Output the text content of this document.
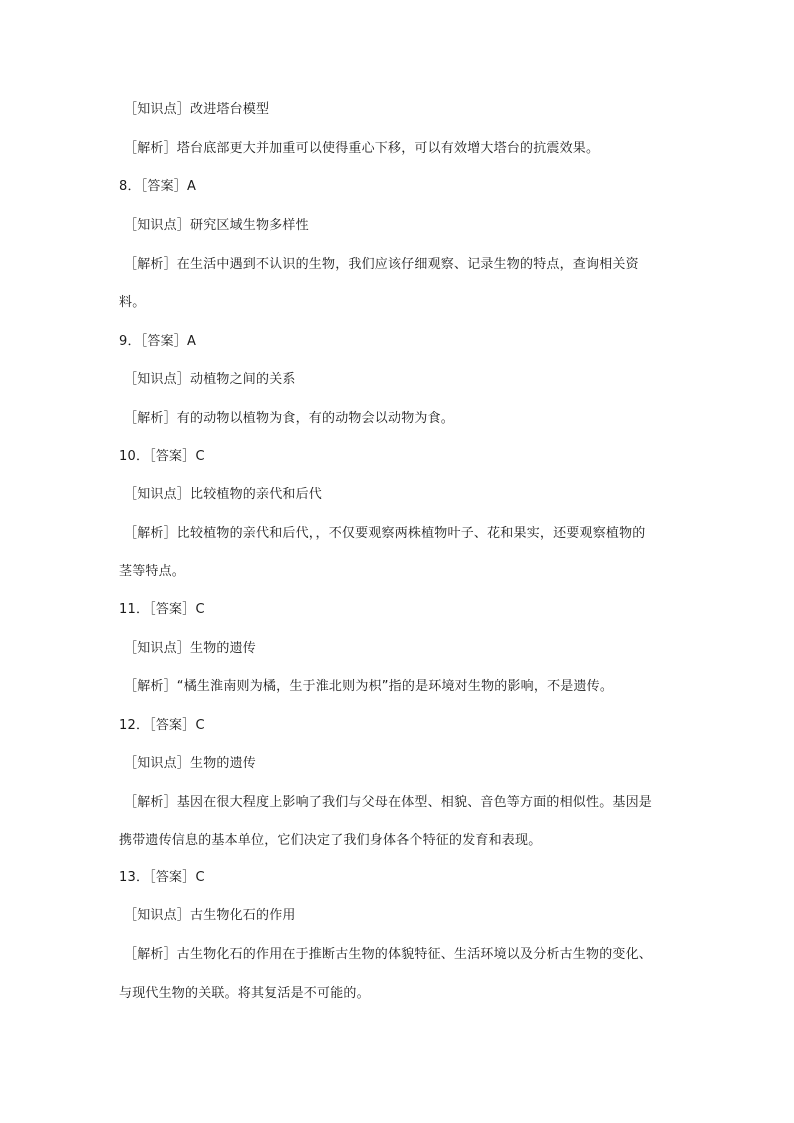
［知识点］改进塔台模型
［解析］塔台底部更大并加重可以使得重心下移，可以有效增大塔台的抗震效果。
8．［答案］A
［知识点］研究区域生物多样性
［解析］在生活中遇到不认识的生物，我们应该仔细观察、记录生物的特点，查询相关资
料。
9．［答案］A
［知识点］动植物之间的关系
［解析］有的动物以植物为食，有的动物会以动物为食。
10．［答案］C
［知识点］比较植物的亲代和后代
［解析］比较植物的亲代和后代，，不仅要观察两株植物叶子、花和果实，还要观察植物的
茎等特点。
11．［答案］C
［知识点］生物的遗传
［解析］“橘生淮南则为橘，生于淮北则为枳”指的是环境对生物的影响，不是遗传。
12．［答案］C
［知识点］生物的遗传
［解析］基因在很大程度上影响了我们与父母在体型、相貌、音色等方面的相似性。基因是
携带遗传信息的基本单位，它们决定了我们身体各个特征的发育和表现。
13．［答案］C
［知识点］古生物化石的作用
［解析］古生物化石的作用在于推断古生物的体貌特征、生活环境以及分析古生物的变化、
与现代生物的关联。将其复活是不可能的。
